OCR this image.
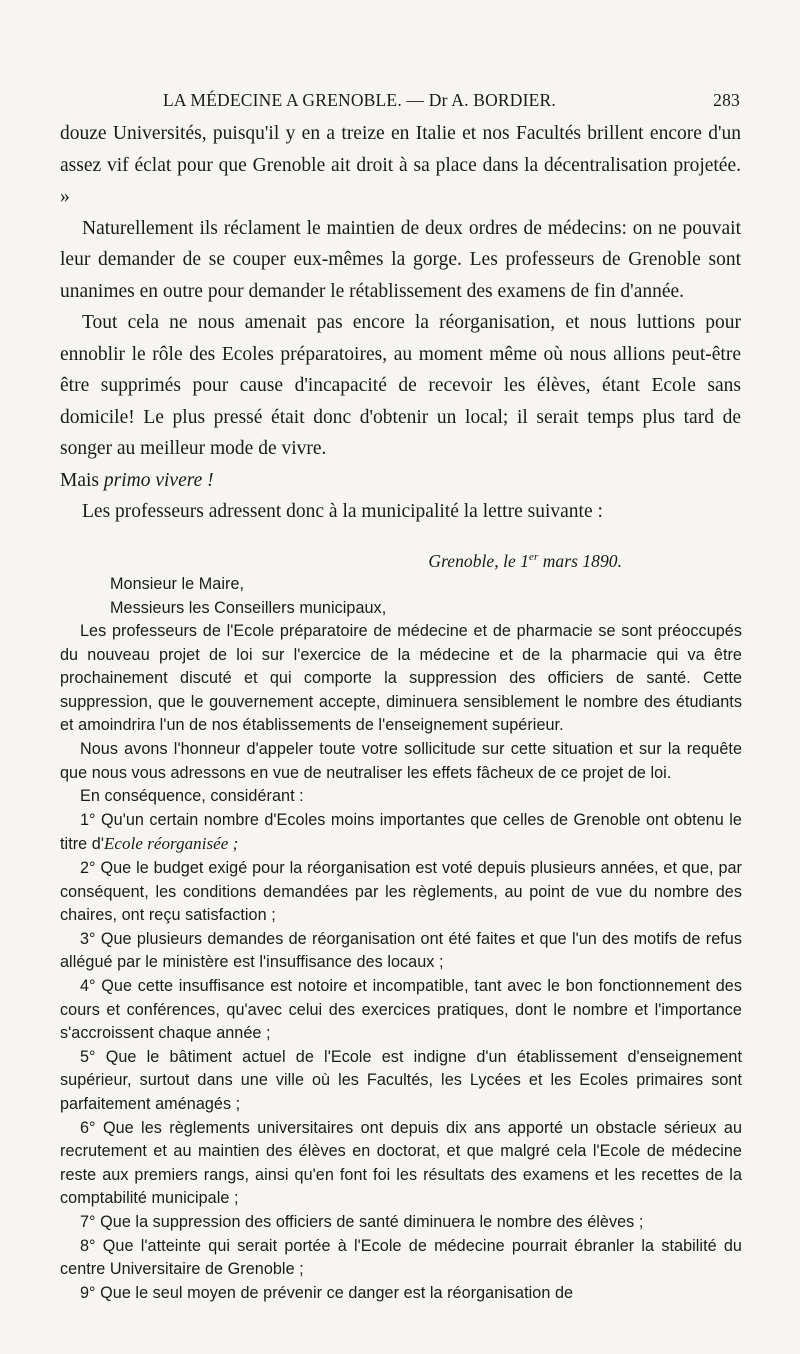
LA MÉDECINE A GRENOBLE. — Dr A. BORDIER.	283

douze Universités, puisqu'il y en a treize en Italie et nos Facultés brillent encore d'un assez vif éclat pour que Grenoble ait droit à sa place dans la décentralisation projetée. »

Naturellement ils réclament le maintien de deux ordres de médecins: on ne pouvait leur demander de se couper eux-mêmes la gorge. Les professeurs de Grenoble sont unanimes en outre pour demander le rétablissement des examens de fin d'année.

Tout cela ne nous amenait pas encore la réorganisation, et nous luttions pour ennoblir le rôle des Ecoles préparatoires, au moment même où nous allions peut-être être supprimés pour cause d'incapacité de recevoir les élèves, étant Ecole sans domicile! Le plus pressé était donc d'obtenir un local; il serait temps plus tard de songer au meilleur mode de vivre.

Mais primo vivere !

Les professeurs adressent donc à la municipalité la lettre suivante :

Grenoble, le 1er mars 1890.

Monsieur le Maire,

Messieurs les Conseillers municipaux,

Les professeurs de l'Ecole préparatoire de médecine et de pharmacie se sont préoccupés du nouveau projet de loi sur l'exercice de la médecine et de la pharmacie qui va être prochainement discuté et qui comporte la suppression des officiers de santé. Cette suppression, que le gouvernement accepte, diminuera sensiblement le nombre des étudiants et amoindrira l'un de nos établissements de l'enseignement supérieur.

Nous avons l'honneur d'appeler toute votre sollicitude sur cette situation et sur la requête que nous vous adressons en vue de neutraliser les effets fâcheux de ce projet de loi.

En conséquence, considérant :

1° Qu'un certain nombre d'Ecoles moins importantes que celles de Grenoble ont obtenu le titre d'Ecole réorganisée ;

2° Que le budget exigé pour la réorganisation est voté depuis plusieurs années, et que, par conséquent, les conditions demandées par les règlements, au point de vue du nombre des chaires, ont reçu satisfaction ;

3° Que plusieurs demandes de réorganisation ont été faites et que l'un des motifs de refus allégué par le ministère est l'insuffisance des locaux ;

4° Que cette insuffisance est notoire et incompatible, tant avec le bon fonctionnement des cours et conférences, qu'avec celui des exercices pratiques, dont le nombre et l'importance s'accroissent chaque année ;

5° Que le bâtiment actuel de l'Ecole est indigne d'un établissement d'enseignement supérieur, surtout dans une ville où les Facultés, les Lycées et les Ecoles primaires sont parfaitement aménagés ;

6° Que les règlements universitaires ont depuis dix ans apporté un obstacle sérieux au recrutement et au maintien des élèves en doctorat, et que malgré cela l'Ecole de médecine reste aux premiers rangs, ainsi qu'en font foi les résultats des examens et les recettes de la comptabilité municipale ;

7° Que la suppression des officiers de santé diminuera le nombre des élèves ;

8° Que l'atteinte qui serait portée à l'Ecole de médecine pourrait ébranler la stabilité du centre Universitaire de Grenoble ;

9° Que le seul moyen de prévenir ce danger est la réorganisation de
